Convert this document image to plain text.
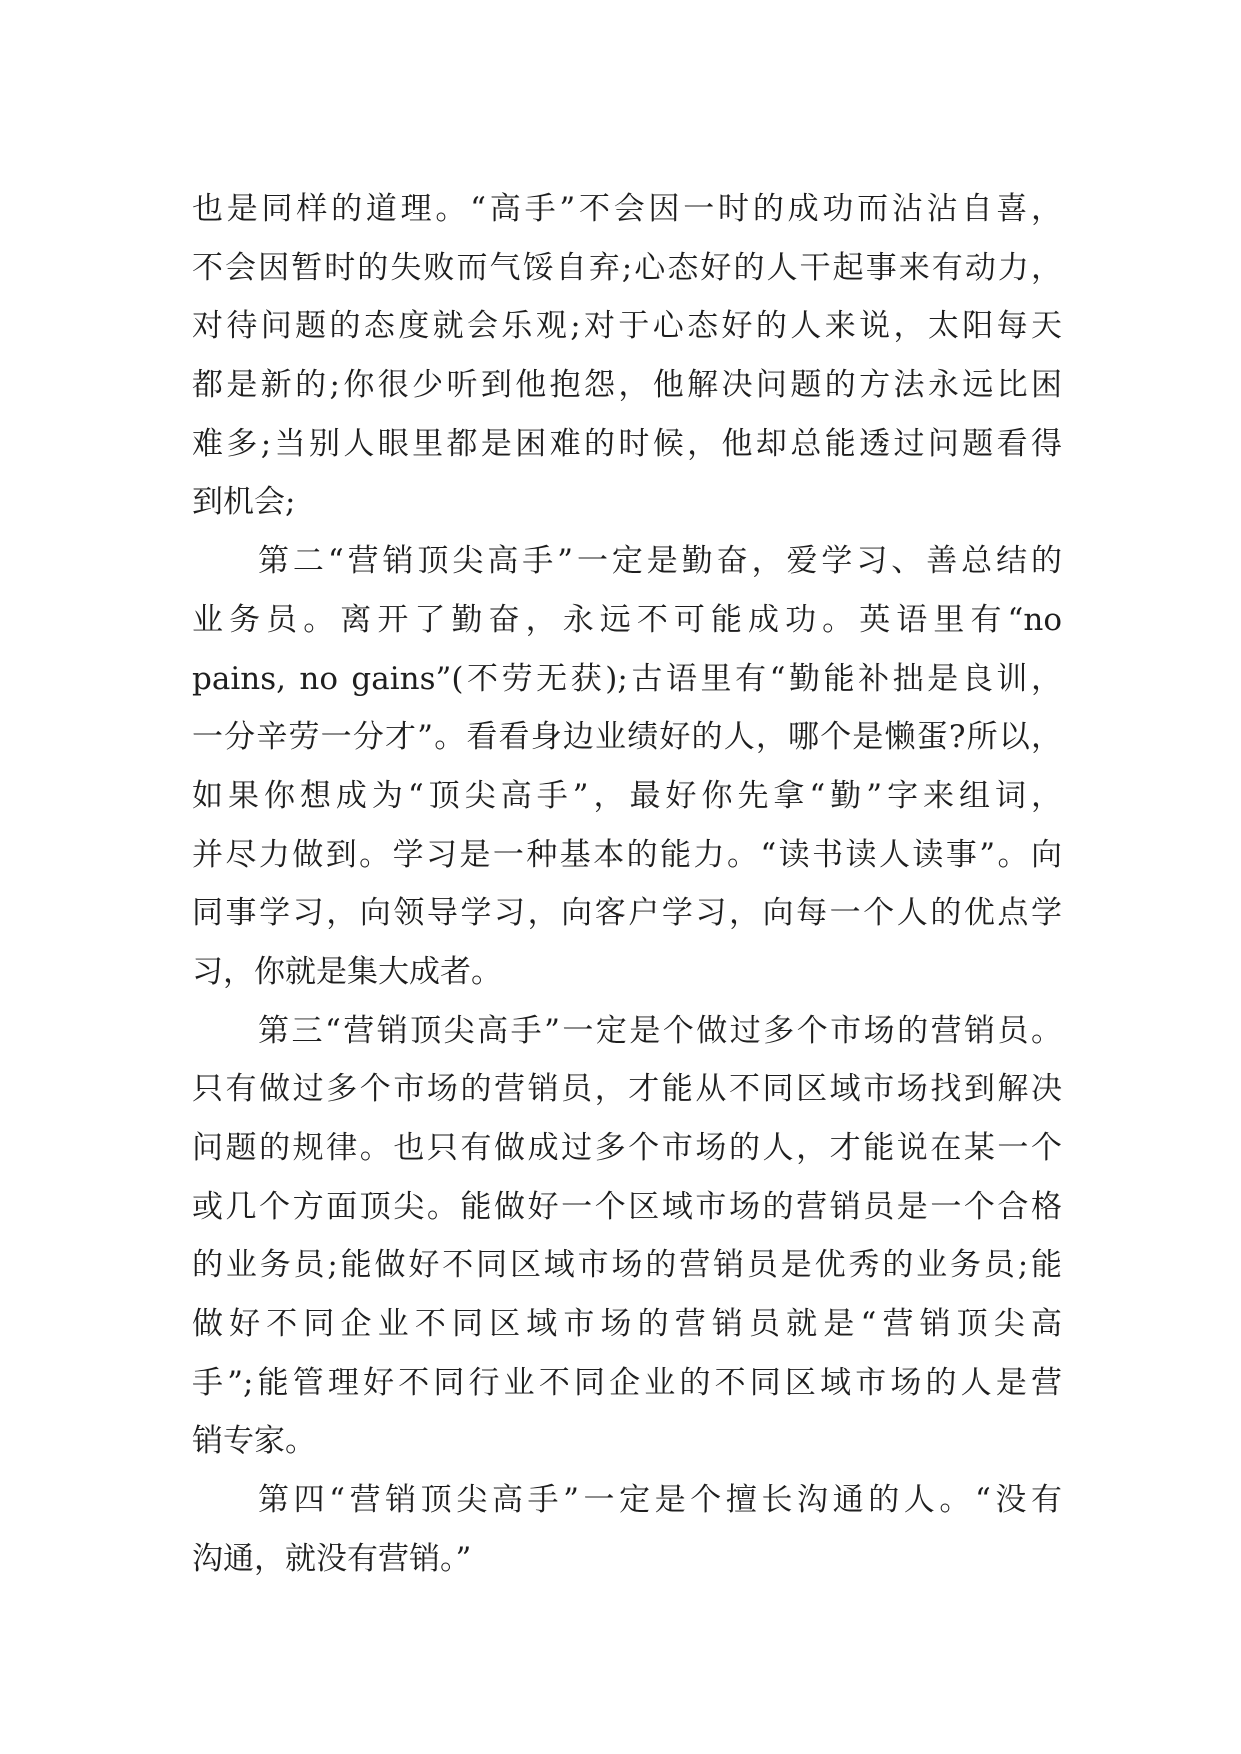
也是同样的道理。“高手”不会因一时的成功而沾沾自喜，
不会因暂时的失败而气馁自弃;心态好的人干起事来有动力，
对待问题的态度就会乐观;对于心态好的人来说，太阳每天
都是新的;你很少听到他抱怨，他解决问题的方法永远比困
难多;当别人眼里都是困难的时候，他却总能透过问题看得
到机会;
第二“营销顶尖高手”一定是勤奋，爱学习、善总结的
业务员。离开了勤奋，永远不可能成功。英语里有“no
pains, no gains”(不劳无获);古语里有“勤能补拙是良训，
一分辛劳一分才”。看看身边业绩好的人，哪个是懒蛋?所以，
如果你想成为“顶尖高手”，最好你先拿“勤”字来组词，
并尽力做到。学习是一种基本的能力。“读书读人读事”。向
同事学习，向领导学习，向客户学习，向每一个人的优点学
习，你就是集大成者。
第三“营销顶尖高手”一定是个做过多个市场的营销员。
只有做过多个市场的营销员，才能从不同区域市场找到解决
问题的规律。也只有做成过多个市场的人，才能说在某一个
或几个方面顶尖。能做好一个区域市场的营销员是一个合格
的业务员;能做好不同区域市场的营销员是优秀的业务员;能
做好不同企业不同区域市场的营销员就是“营销顶尖高
手”;能管理好不同行业不同企业的不同区域市场的人是营
销专家。
第四“营销顶尖高手”一定是个擅长沟通的人。“没有
沟通，就没有营销。”
